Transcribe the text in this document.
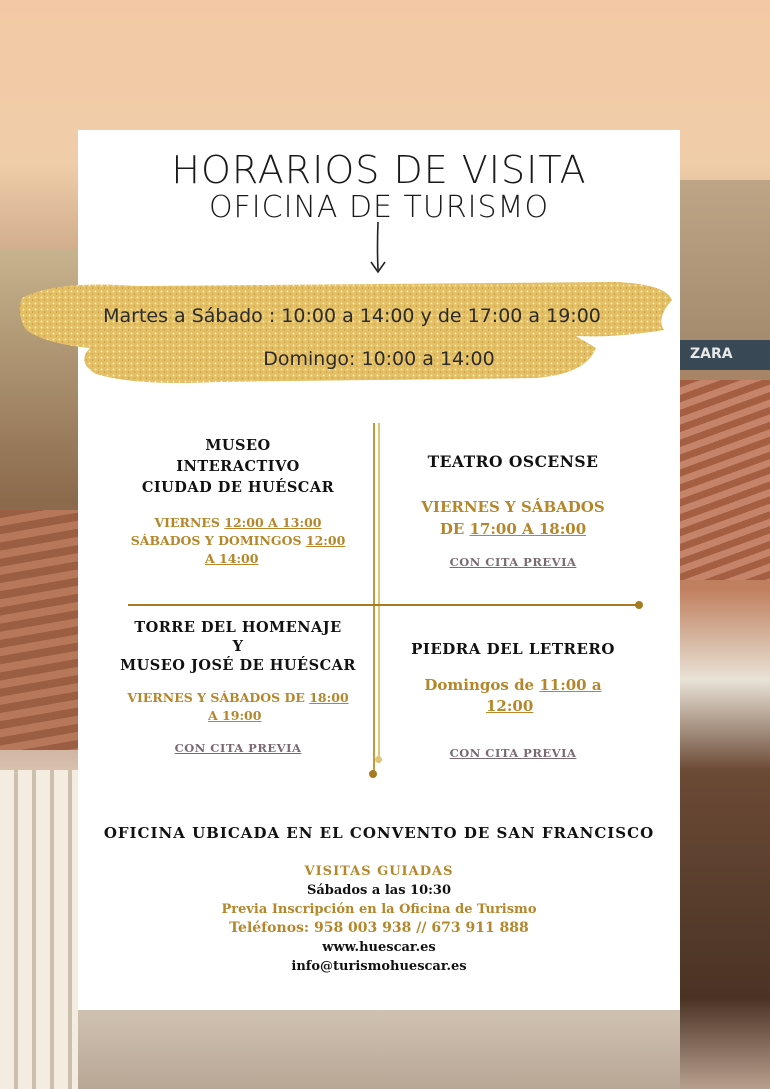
ZARA
HORARIOS DE VISITA
OFICINA DE TURISMO
Martes a Sábado : 10:00 a 14:00 y de 17:00 a 19:00
Domingo: 10:00 a 14:00
MUSEO
INTERACTIVO
CIUDAD DE HUÉSCAR
VIERNES 12:00 A 13:00
SÁBADOS Y DOMINGOS 12:00
A 14:00
TEATRO OSCENSE
VIERNES Y SÁBADOS
DE 17:00 A 18:00
CON CITA PREVIA
TORRE DEL HOMENAJE
Y
MUSEO JOSÉ DE HUÉSCAR
VIERNES Y SÁBADOS DE 18:00
A 19:00
CON CITA PREVIA
PIEDRA DEL LETRERO
Domingos de 11:00 a
12:00
CON CITA PREVIA
OFICINA UBICADA EN EL CONVENTO DE SAN FRANCISCO
VISITAS GUIADAS
Sábados a las 10:30
Previa Inscripción en la Oficina de Turismo
Teléfonos: 958 003 938 // 673 911 888
www.huescar.es
info@turismohuescar.es
